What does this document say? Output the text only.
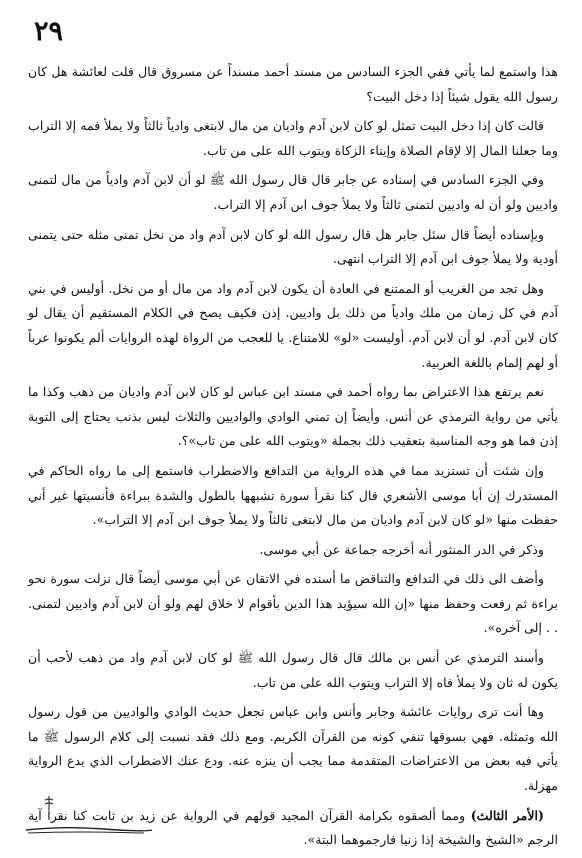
٢٩

هذا واستمع لما يأتي ففي الجزء السادس من مسند أحمد مسنداً عن مسروق قال قلت لعائشة هل كان رسول الله يقول شيئاً إذا دخل البيت؟

قالت كان إذا دخل البيت تمثل لو كان لابن آدم واديان من مال لابتغى وادياً ثالثاً ولا يملأ فمه إلا التراب وما جعلنا المال إلا لإقام الصلاة وإيتاء الزكاة ويتوب الله على من تاب.

وفي الجزء السادس في إسناده عن جابر قال قال رسول الله ﷺ لو أن لابن آدم وادياً من مال لتمنى واديين ولو أن له واديين لتمنى ثالثاً ولا يملأ جوف ابن آدم إلا التراب.

وبإسناده أيضاً قال سئل جابر هل قال رسول الله لو كان لابن آدم واد من نخل تمنى مثله حتى يتمنى أودية ولا يملأ جوف ابن آدم إلا التراب انتهى.

وهل تجد من الغريب أو الممتنع في العادة أن يكون لابن آدم واد من مال أو من نخل. أوليس في بني آدم في كل زمان من ملك وادياً من ذلك بل واديين. إذن فكيف يصح في الكلام المستقيم أن يقال لو كان لابن آدم. لو أن لابن آدم. أوليست «لو» للامتناع. يا للعجب من الرواة لهذه الروايات ألم يكونوا عرباً أو لهم إلمام باللغة العربية.

نعم يرتفع هذا الاعتراض بما رواه أحمد في مسند ابن عباس لو كان لابن آدم واديان من ذهب وكذا ما يأتي من رواية الترمذي عن أنس. وأيضاً إن تمني الوادي والواديين والثلاث ليس بذنب يحتاج إلى التوبة إذن فما هو وجه المناسبة بتعقيب ذلك بجملة «ويتوب الله على من تاب»؟.

وإن شئت أن تستزيد مما في هذه الرواية من التدافع والاضطراب فاستمع إلى ما رواه الحاكم في المستدرك إن أبا موسى الأشعري قال كنا نقرأ سورة تشبهها بالطول والشدة ببراءة فأنسيتها غير أني حفظت منها «لو كان لابن آدم واديان من مال لابتغى ثالثاً ولا يملأ جوف ابن آدم إلا التراب».

وذكر في الدر المنثور أنه أخرجه جماعة عن أبي موسى.

وأضف الى ذلك في التدافع والتناقض ما أسنده في الاتقان عن أبي موسى أيضاً قال نزلت سورة نحو براءة ثم رفعت وحفظ منها «إن الله سيؤيد هذا الدين بأقوام لا خلاق لهم ولو أن لابن آدم واديين لتمنى. . . إلى آخره».

وأسند الترمذي عن أنس بن مالك قال قال رسول الله ﷺ لو كان لابن آدم واد من ذهب لأحب أن يكون له ثان ولا يملأ فاه إلا التراب ويتوب الله على من تاب.

وها أنت ترى روايات عائشة وجابر وأنس وابن عباس تجعل حديث الوادي والواديين من قول رسول الله وتمثله. فهي بسوقها تنفي كونه من القرآن الكريم. ومع ذلك فقد نسبت إلى كلام الرسول ﷺ ما يأتي فيه بعض من الاعتراضات المتقدمة مما يجب أن ينزه عنه. ودع عنك الاضطراب الذي يدع الرواية مهزلة.

(الأمر الثالث) ومما ألصقوه بكرامة القرآن المجيد قولهم في الرواية عن زيد بن ثابت كنا نقرأ آية الرجم «الشيخ والشيخة إذا زنيا فارجموهما البتة».
